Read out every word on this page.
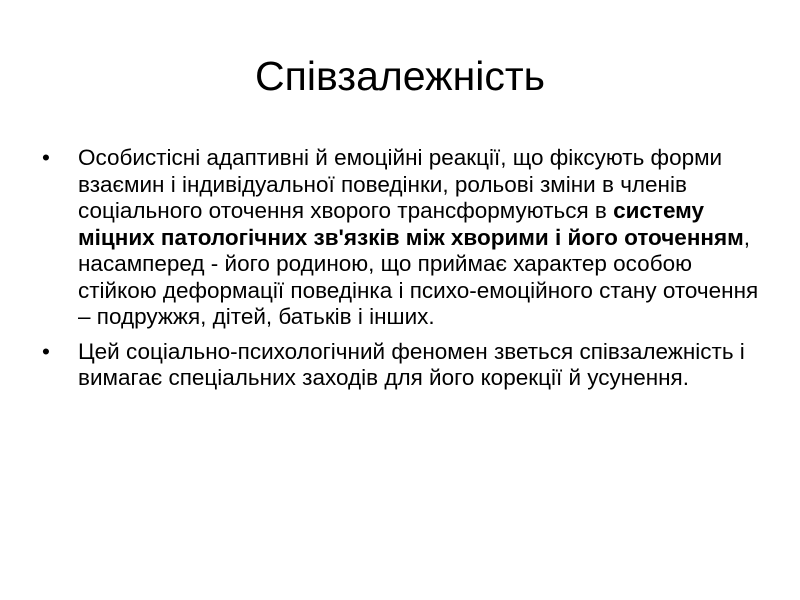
Співзалежність
•	Особистісні адаптивні й емоційні реакції, що фіксують форми взаємин і індивідуальної поведінки, рольові зміни в членів соціального оточення хворого трансформуються в систему міцних патологічних зв'язків між хворими і його оточенням, насамперед - його родиною, що приймає характер особою стійкою деформації поведінка і психо-емоційного стану оточення – подружжя, дітей, батьків і інших.
•	Цей соціально-психологічний феномен зветься співзалежність і вимагає спеціальних заходів для його корекції й усунення.
